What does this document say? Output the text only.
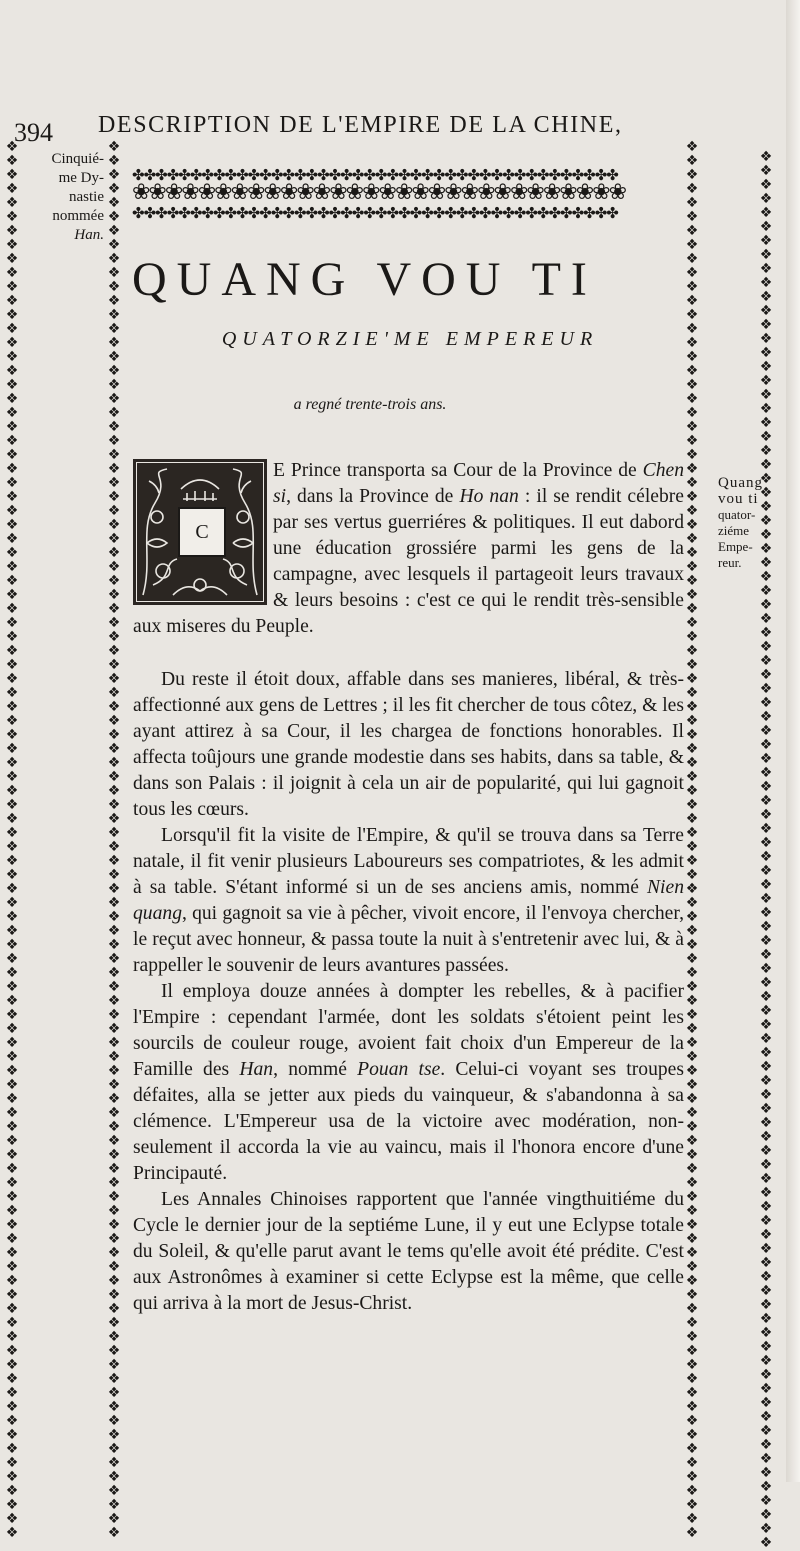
394 DESCRIPTION DE L'EMPIRE DE LA CHINE,
❖❖❖❖❖❖❖❖❖❖❖❖❖❖❖❖❖❖❖❖❖❖❖❖❖❖❖❖❖❖❖❖❖❖❖❖❖❖❖❖❖❖❖❖❖❖❖❖❖❖❖❖❖❖❖❖❖❖❖❖❖❖❖❖❖❖❖❖❖❖❖❖❖❖❖❖❖❖❖❖❖❖❖❖❖❖❖❖❖❖❖❖❖❖❖❖❖❖❖❖
❖❖❖❖❖❖❖❖❖❖❖❖❖❖❖❖❖❖❖❖❖❖❖❖❖❖❖❖❖❖❖❖❖❖❖❖❖❖❖❖❖❖❖❖❖❖❖❖❖❖❖❖❖❖❖❖❖❖❖❖❖❖❖❖❖❖❖❖❖❖❖❖❖❖❖❖❖❖❖❖❖❖❖❖❖❖❖❖❖❖❖❖❖❖❖❖❖❖❖❖
❖❖❖❖❖❖❖❖❖❖❖❖❖❖❖❖❖❖❖❖❖❖❖❖❖❖❖❖❖❖❖❖❖❖❖❖❖❖❖❖❖❖❖❖❖❖❖❖❖❖❖❖❖❖❖❖❖❖❖❖❖❖❖❖❖❖❖❖❖❖❖❖❖❖❖❖❖❖❖❖❖❖❖❖❖❖❖❖❖❖❖❖❖❖❖❖❖❖❖❖
❖❖❖❖❖❖❖❖❖❖❖❖❖❖❖❖❖❖❖❖❖❖❖❖❖❖❖❖❖❖❖❖❖❖❖❖❖❖❖❖❖❖❖❖❖❖❖❖❖❖❖❖❖❖❖❖❖❖❖❖❖❖❖❖❖❖❖❖❖❖❖❖❖❖❖❖❖❖❖❖❖❖❖❖❖❖❖❖❖❖❖❖❖❖❖❖❖❖❖❖
✤✤✤✤✤✤✤✤✤✤✤✤✤✤✤✤✤✤✤✤✤✤✤✤✤✤✤✤✤✤✤✤✤✤✤✤✤✤✤✤✤✤
❀❀❀❀❀❀❀❀❀❀❀❀❀❀❀❀❀❀❀❀❀❀❀❀❀❀❀❀❀❀
✤✤✤✤✤✤✤✤✤✤✤✤✤✤✤✤✤✤✤✤✤✤✤✤✤✤✤✤✤✤✤✤✤✤✤✤✤✤✤✤✤✤
Cinquié-
me Dy-
nastie
nommée
Han.
Quang
vou ti
quator-
ziéme
Empe-
reur.
QUANG VOU TI
QUATORZIE'ME EMPEREUR
a regné trente-trois ans.
E Prince transporta sa Cour de la Province de Chen si, dans la Province de Ho nan : il se rendit célebre par ses vertus guerriéres & politiques. Il eut dabord une éducation grossiére parmi les gens de la campagne, avec lesquels il partageoit leurs travaux & leurs besoins : c'est ce qui le rendit très-sensible aux miseres du Peuple.
C

Du reste il étoit doux, affable dans ses manieres, libéral, & très-affectionné aux gens de Lettres ; il les fit chercher de tous côtez, & les ayant attirez à sa Cour, il les chargea de fonctions honorables. Il affecta toûjours une grande modestie dans ses habits, dans sa table, & dans son Palais : il joignit à cela un air de popularité, qui lui gagnoit tous les cœurs.

Lorsqu'il fit la visite de l'Empire, & qu'il se trouva dans sa Terre natale, il fit venir plusieurs Laboureurs ses compatriotes, & les admit à sa table. S'étant informé si un de ses anciens amis, nommé Nien quang, qui gagnoit sa vie à pêcher, vivoit encore, il l'envoya chercher, le reçut avec honneur, & passa toute la nuit à s'entretenir avec lui, & à rappeller le souvenir de leurs avantures passées.

Il employa douze années à dompter les rebelles, & à pacifier l'Empire : cependant l'armée, dont les soldats s'étoient peint les sourcils de couleur rouge, avoient fait choix d'un Empereur de la Famille des Han, nommé Pouan tse. Celui-ci voyant ses troupes défaites, alla se jetter aux pieds du vainqueur, & s'abandonna à sa clémence. L'Empereur usa de la victoire avec modération, non-seulement il accorda la vie au vaincu, mais il l'honora encore d'une Principauté.

Les Annales Chinoises rapportent que l'année vingthuitiéme du Cycle le dernier jour de la septiéme Lune, il y eut une Eclypse totale du Soleil, & qu'elle parut avant le tems qu'elle avoit été prédite. C'est aux Astronômes à examiner si cette Eclypse est la même, que celle qui arriva à la mort de Jesus-Christ.
